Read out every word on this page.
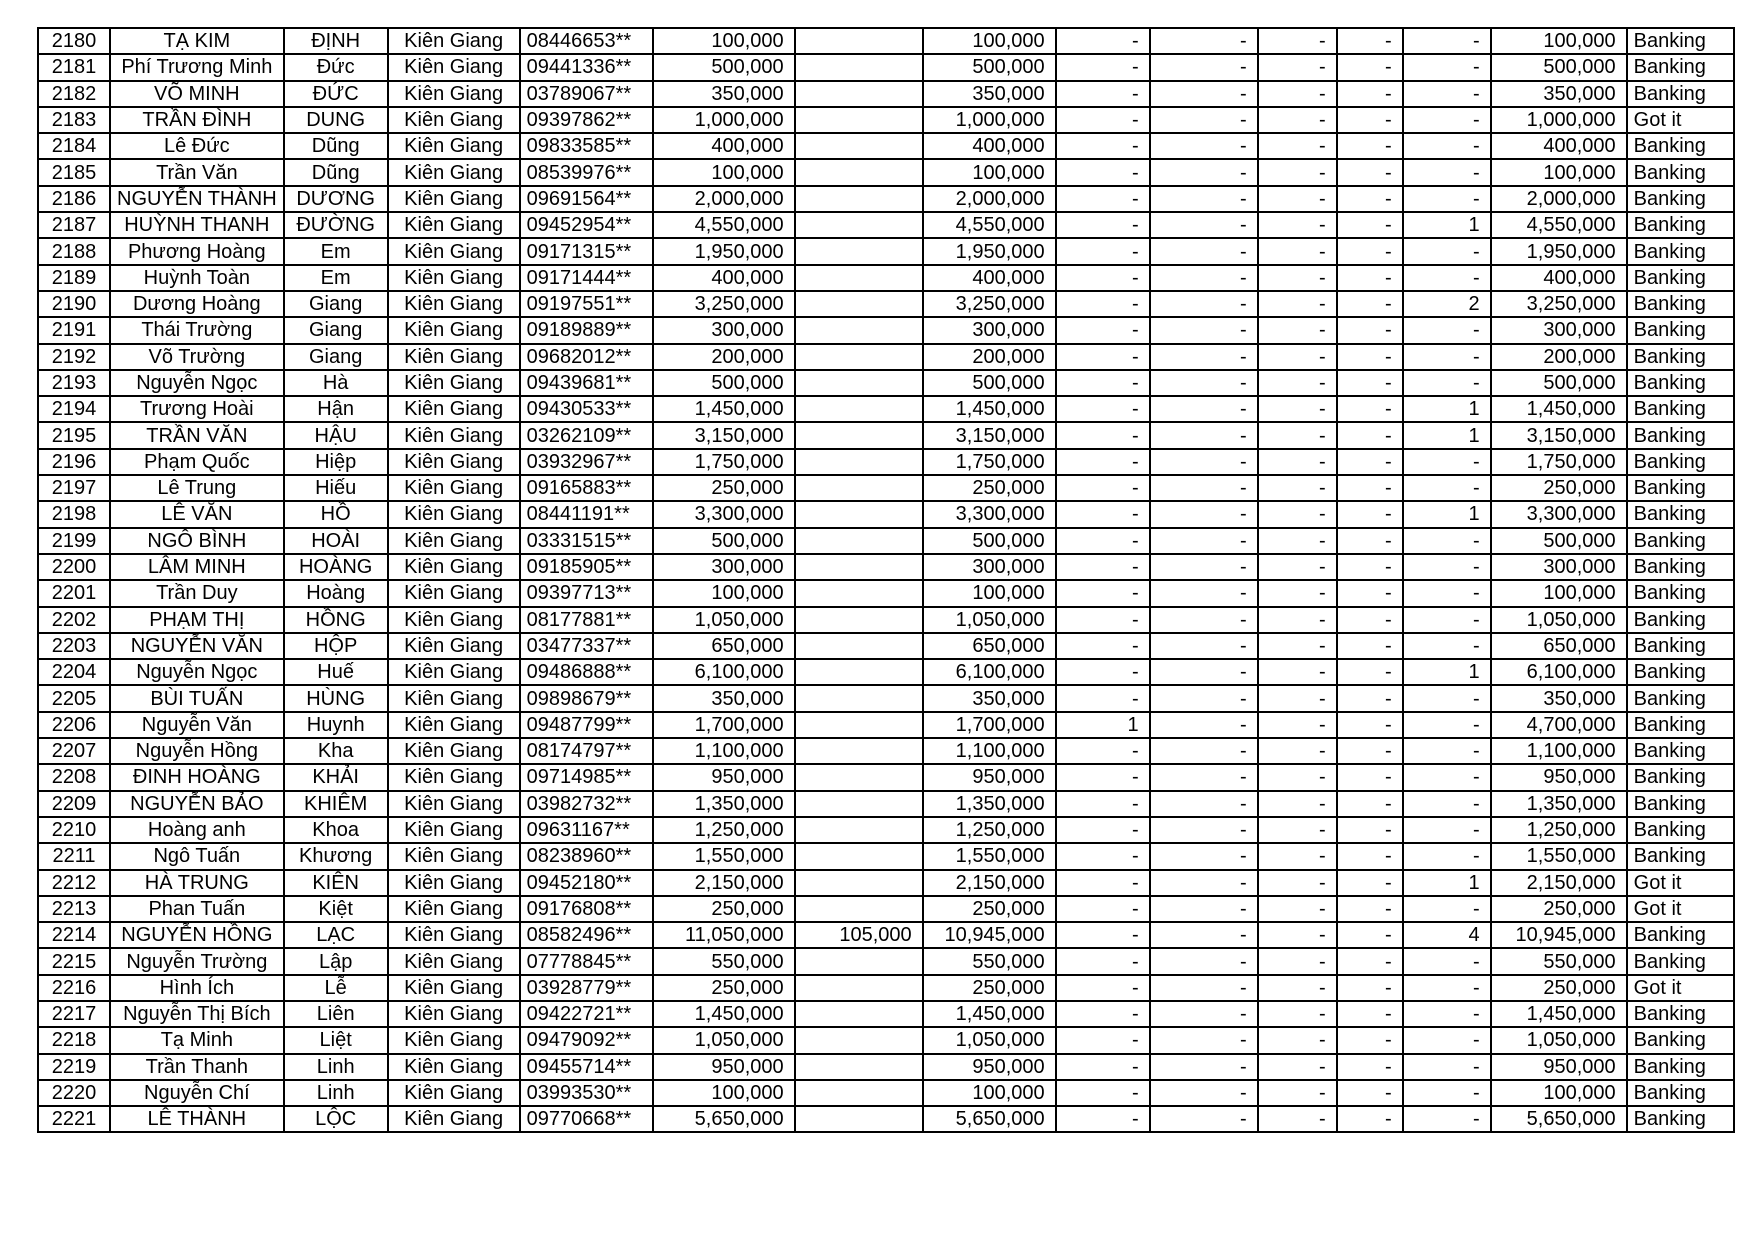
2180	TẠ KIM	ĐỊNH	Kiên Giang	08446653**	100,000		100,000	-	-	-	-	-	100,000	Banking
2181	Phí Trương Minh	Đức	Kiên Giang	09441336**	500,000		500,000	-	-	-	-	-	500,000	Banking
2182	VÕ MINH	ĐỨC	Kiên Giang	03789067**	350,000		350,000	-	-	-	-	-	350,000	Banking
2183	TRẦN ĐÌNH	DUNG	Kiên Giang	09397862**	1,000,000		1,000,000	-	-	-	-	-	1,000,000	Got it
2184	Lê Đức	Dũng	Kiên Giang	09833585**	400,000		400,000	-	-	-	-	-	400,000	Banking
2185	Trần Văn	Dũng	Kiên Giang	08539976**	100,000		100,000	-	-	-	-	-	100,000	Banking
2186	NGUYỄN THÀNH	DƯƠNG	Kiên Giang	09691564**	2,000,000		2,000,000	-	-	-	-	-	2,000,000	Banking
2187	HUỲNH THANH	ĐƯỜNG	Kiên Giang	09452954**	4,550,000		4,550,000	-	-	-	-	1	4,550,000	Banking
2188	Phương Hoàng	Em	Kiên Giang	09171315**	1,950,000		1,950,000	-	-	-	-	-	1,950,000	Banking
2189	Huỳnh Toàn	Em	Kiên Giang	09171444**	400,000		400,000	-	-	-	-	-	400,000	Banking
2190	Dương Hoàng	Giang	Kiên Giang	09197551**	3,250,000		3,250,000	-	-	-	-	2	3,250,000	Banking
2191	Thái Trường	Giang	Kiên Giang	09189889**	300,000		300,000	-	-	-	-	-	300,000	Banking
2192	Võ Trường	Giang	Kiên Giang	09682012**	200,000		200,000	-	-	-	-	-	200,000	Banking
2193	Nguyễn Ngọc	Hà	Kiên Giang	09439681**	500,000		500,000	-	-	-	-	-	500,000	Banking
2194	Trương Hoài	Hận	Kiên Giang	09430533**	1,450,000		1,450,000	-	-	-	-	1	1,450,000	Banking
2195	TRẦN VĂN	HẬU	Kiên Giang	03262109**	3,150,000		3,150,000	-	-	-	-	1	3,150,000	Banking
2196	Phạm Quốc	Hiệp	Kiên Giang	03932967**	1,750,000		1,750,000	-	-	-	-	-	1,750,000	Banking
2197	Lê Trung	Hiếu	Kiên Giang	09165883**	250,000		250,000	-	-	-	-	-	250,000	Banking
2198	LÊ VĂN	HỒ	Kiên Giang	08441191**	3,300,000		3,300,000	-	-	-	-	1	3,300,000	Banking
2199	NGÔ BÌNH	HOÀI	Kiên Giang	03331515**	500,000		500,000	-	-	-	-	-	500,000	Banking
2200	LÂM MINH	HOÀNG	Kiên Giang	09185905**	300,000		300,000	-	-	-	-	-	300,000	Banking
2201	Trần Duy	Hoàng	Kiên Giang	09397713**	100,000		100,000	-	-	-	-	-	100,000	Banking
2202	PHẠM THỊ	HỒNG	Kiên Giang	08177881**	1,050,000		1,050,000	-	-	-	-	-	1,050,000	Banking
2203	NGUYỄN VĂN	HỘP	Kiên Giang	03477337**	650,000		650,000	-	-	-	-	-	650,000	Banking
2204	Nguyễn Ngọc	Huế	Kiên Giang	09486888**	6,100,000		6,100,000	-	-	-	-	1	6,100,000	Banking
2205	BÙI TUẤN	HÙNG	Kiên Giang	09898679**	350,000		350,000	-	-	-	-	-	350,000	Banking
2206	Nguyễn Văn	Huynh	Kiên Giang	09487799**	1,700,000		1,700,000	1	-	-	-	-	4,700,000	Banking
2207	Nguyễn Hồng	Kha	Kiên Giang	08174797**	1,100,000		1,100,000	-	-	-	-	-	1,100,000	Banking
2208	ĐINH HOÀNG	KHẢI	Kiên Giang	09714985**	950,000		950,000	-	-	-	-	-	950,000	Banking
2209	NGUYỄN BẢO	KHIÊM	Kiên Giang	03982732**	1,350,000		1,350,000	-	-	-	-	-	1,350,000	Banking
2210	Hoàng anh	Khoa	Kiên Giang	09631167**	1,250,000		1,250,000	-	-	-	-	-	1,250,000	Banking
2211	Ngô Tuấn	Khương	Kiên Giang	08238960**	1,550,000		1,550,000	-	-	-	-	-	1,550,000	Banking
2212	HÀ TRUNG	KIÊN	Kiên Giang	09452180**	2,150,000		2,150,000	-	-	-	-	1	2,150,000	Got it
2213	Phan Tuấn	Kiệt	Kiên Giang	09176808**	250,000		250,000	-	-	-	-	-	250,000	Got it
2214	NGUYỄN HỒNG	LẠC	Kiên Giang	08582496**	11,050,000	105,000	10,945,000	-	-	-	-	4	10,945,000	Banking
2215	Nguyễn Trường	Lập	Kiên Giang	07778845**	550,000		550,000	-	-	-	-	-	550,000	Banking
2216	Hình Ích	Lễ	Kiên Giang	03928779**	250,000		250,000	-	-	-	-	-	250,000	Got it
2217	Nguyễn Thị Bích	Liên	Kiên Giang	09422721**	1,450,000		1,450,000	-	-	-	-	-	1,450,000	Banking
2218	Tạ Minh	Liệt	Kiên Giang	09479092**	1,050,000		1,050,000	-	-	-	-	-	1,050,000	Banking
2219	Trần Thanh	Linh	Kiên Giang	09455714**	950,000		950,000	-	-	-	-	-	950,000	Banking
2220	Nguyễn Chí	Linh	Kiên Giang	03993530**	100,000		100,000	-	-	-	-	-	100,000	Banking
2221	LÊ THÀNH	LỘC	Kiên Giang	09770668**	5,650,000		5,650,000	-	-	-	-	-	5,650,000	Banking
